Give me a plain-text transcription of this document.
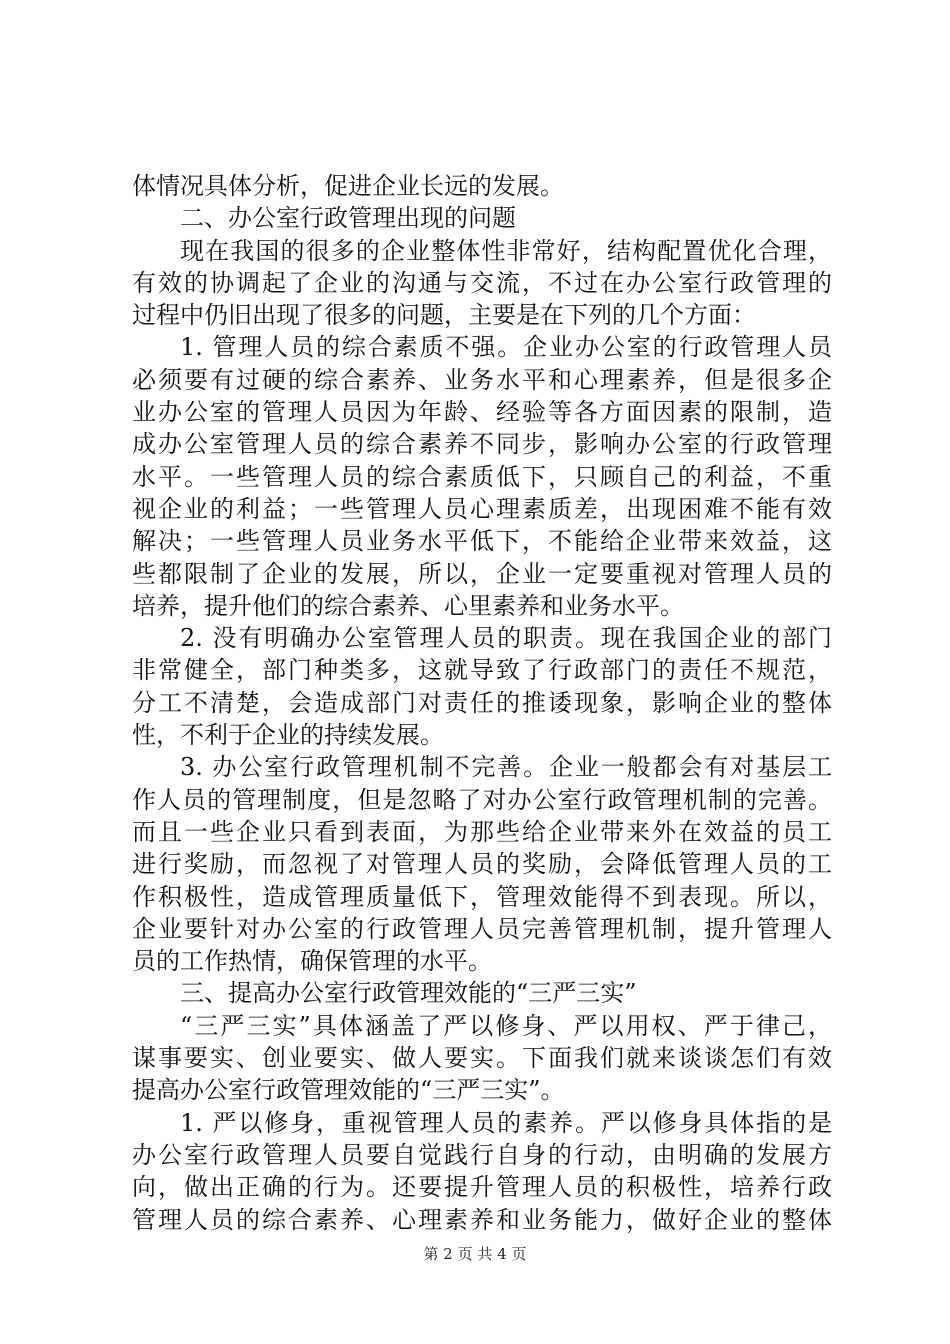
体情况具体分析，促进企业长远的发展。
二、办公室行政管理出现的问题
现在我国的很多的企业整体性非常好，结构配置优化合理，
有效的协调起了企业的沟通与交流，不过在办公室行政管理的
过程中仍旧出现了很多的问题，主要是在下列的几个方面：
1. 管理人员的综合素质不强。企业办公室的行政管理人员
必须要有过硬的综合素养、业务水平和心理素养，但是很多企
业办公室的管理人员因为年龄、经验等各方面因素的限制，造
成办公室管理人员的综合素养不同步，影响办公室的行政管理
水平。一些管理人员的综合素质低下，只顾自己的利益，不重
视企业的利益；一些管理人员心理素质差，出现困难不能有效
解决；一些管理人员业务水平低下，不能给企业带来效益，这
些都限制了企业的发展，所以，企业一定要重视对管理人员的
培养，提升他们的综合素养、心里素养和业务水平。
2. 没有明确办公室管理人员的职责。现在我国企业的部门
非常健全，部门种类多，这就导致了行政部门的责任不规范，
分工不清楚，会造成部门对责任的推诿现象，影响企业的整体
性，不利于企业的持续发展。
3. 办公室行政管理机制不完善。企业一般都会有对基层工
作人员的管理制度，但是忽略了对办公室行政管理机制的完善。
而且一些企业只看到表面，为那些给企业带来外在效益的员工
进行奖励，而忽视了对管理人员的奖励，会降低管理人员的工
作积极性，造成管理质量低下，管理效能得不到表现。所以，
企业要针对办公室的行政管理人员完善管理机制，提升管理人
员的工作热情，确保管理的水平。
三、提高办公室行政管理效能的“三严三实”
“三严三实”具体涵盖了严以修身、严以用权、严于律己，
谋事要实、创业要实、做人要实。下面我们就来谈谈怎们有效
提高办公室行政管理效能的“三严三实”。
1. 严以修身，重视管理人员的素养。严以修身具体指的是
办公室行政管理人员要自觉践行自身的行动，由明确的发展方
向，做出正确的行为。还要提升管理人员的积极性，培养行政
管理人员的综合素养、心理素养和业务能力，做好企业的整体
第 2 页 共 4 页
